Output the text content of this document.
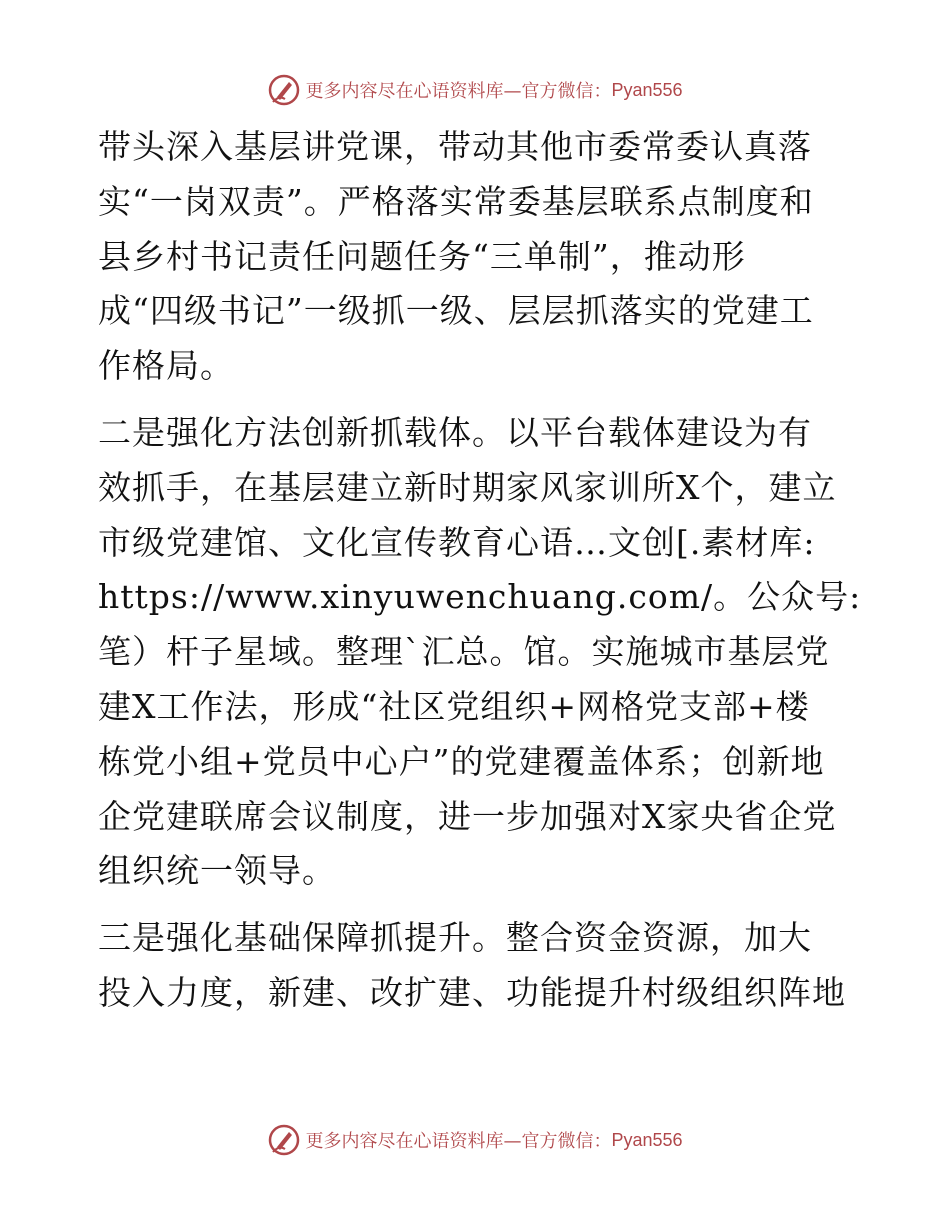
更多内容尽在心语资料库—官方微信： Pyan556

带头深入基层讲党课，带动其他市委常委认真落
实“一岗双责”。严格落实常委基层联系点制度和
县乡村书记责任问题任务“三单制”，推动形
成“四级书记”一级抓一级、层层抓落实的党建工
作格局。

二是强化方法创新抓载体。以平台载体建设为有
效抓手，在基层建立新时期家风家训所X个，建立
市级党建馆、文化宣传教育心语…文创[.素材库:
https://www.xinyuwenchuang.com/。公众号:
笔）杆子星域。整理`汇总。馆。实施城市基层党
建X工作法，形成“社区党组织+网格党支部+楼
栋党小组+党员中心户”的党建覆盖体系；创新地
企党建联席会议制度，进一步加强对X家央省企党
组织统一领导。

三是强化基础保障抓提升。整合资金资源，加大
投入力度，新建、改扩建、功能提升村级组织阵地

更多内容尽在心语资料库—官方微信： Pyan556
